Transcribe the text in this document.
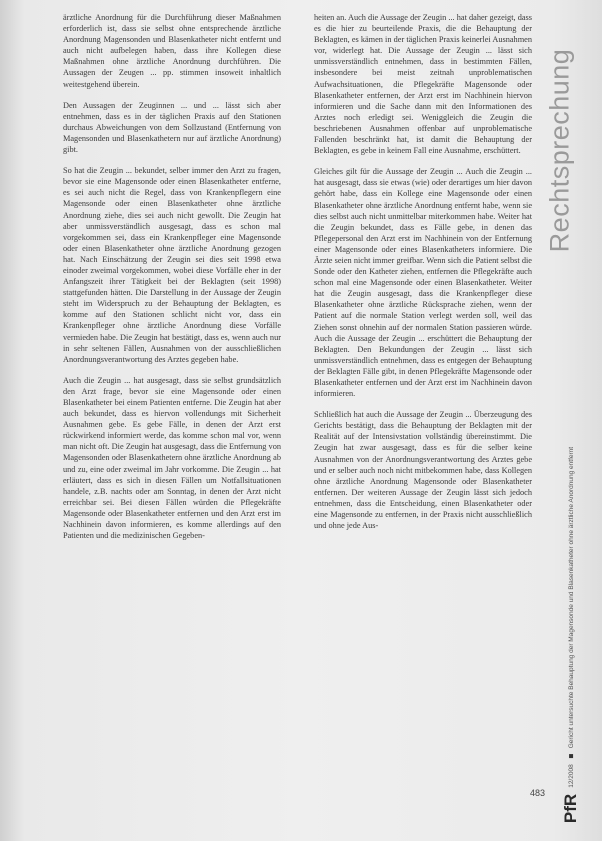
ärztliche Anordnung für die Durchführung dieser Maßnahmen erforderlich ist, dass sie selbst ohne entsprechende ärztliche Anordnung Magensonden und Blasenkatheter nicht entfernt und auch nicht aufbelegen haben, dass ihre Kollegen diese Maßnahmen ohne ärztliche Anordnung durchführen. Die Aussagen der Zeugen ... pp. stimmen insoweit inhaltlich weitestgehend überein.

Den Aussagen der Zeuginnen ... und ... lässt sich aber entnehmen, dass es in der täglichen Praxis auf den Stationen durchaus Abweichungen von dem Sollzustand (Entfernung von Magensonden und Blasenkathetern nur auf ärztliche Anordnung) gibt.

So hat die Zeugin ... bekundet, selber immer den Arzt zu fragen, bevor sie eine Magensonde oder einen Blasenkatheter entferne, es sei auch nicht die Regel, dass von Krankenpflegern eine Magensonde oder einen Blasenkatheter ohne ärztliche Anordnung ziehe, dies sei auch nicht gewollt. Die Zeugin hat aber unmissverständlich ausgesagt, dass es schon mal vorgekommen sei, dass ein Krankenpfleger eine Magensonde oder einen Blasenkatheter ohne ärztliche Anordnung gezogen hat. Nach Einschätzung der Zeugin sei dies seit 1998 etwa einoder zweimal vorgekommen, wobei diese Vorfälle eher in der Anfangszeit ihrer Tätigkeit bei der Beklagten (seit 1998) stattgefunden hätten. Die Darstellung in der Aussage der Zeugin steht im Widerspruch zu der Behauptung der Beklagten, es komme auf den Stationen schlicht nicht vor, dass ein Krankenpfleger ohne ärztliche Anordnung diese Vorfälle vermieden habe. Die Zeugin hat bestätigt, dass es, wenn auch nur in sehr seltenen Fällen, Ausnahmen von der ausschließlichen Anordnungsverantwortung des Arztes gegeben habe.

Auch die Zeugin ... hat ausgesagt, dass sie selbst grundsätzlich den Arzt frage, bevor sie eine Magensonde oder einen Blasenkatheter bei einem Patienten entferne. Die Zeugin hat aber auch bekundet, dass es hiervon vollendungs mit Sicherheit Ausnahmen gebe. Es gebe Fälle, in denen der Arzt erst rückwirkend informiert werde, das komme schon mal vor, wenn man nicht oft. Die Zeugin hat ausgesagt, dass die Entfernung von Magensonden oder Blasenkathetern ohne ärztliche Anordnung ab und zu, eine oder zweimal im Jahr vorkomme. Die Zeugin ... hat erläutert, dass es sich in diesen Fällen um Notfallsituationen handele, z.B. nachts oder am Sonntag, in denen der Arzt nicht erreichbar sei. Bei diesen Fällen würden die Pflegekräfte Magensonde oder Blasenkatheter entfernen und den Arzt erst im Nachhinein davon informieren, es komme allerdings auf den Patienten und die medizinischen Gegeben-

heiten an. Auch die Aussage der Zeugin ... hat daher gezeigt, dass es die hier zu beurteilende Praxis, die die Behauptung der Beklagten, es kämen in der täglichen Praxis keinerlei Ausnahmen vor, widerlegt hat. Die Aussage der Zeugin ... lässt sich unmissverständlich entnehmen, dass in bestimmten Fällen, insbesondere bei meist zeitnah unproblematischen Aufwachsituationen, die Pflegekräfte Magensonde oder Blasenkatheter entfernen, der Arzt erst im Nachhinein hiervon informieren und die Sache dann mit den Informationen des Arztes noch erledigt sei. Weniggleich die Zeugin die beschriebenen Ausnahmen offenbar auf unproblematische Fallenden beschränkt hat, ist damit die Behauptung der Beklagten, es gebe in keinem Fall eine Ausnahme, erschüttert.

Gleiches gilt für die Aussage der Zeugin ... Auch die Zeugin ... hat ausgesagt, dass sie etwas (wie) oder derartiges um hier davon gehört habe, dass ein Kollege eine Magensonde oder einen Blasenkatheter ohne ärztliche Anordnung entfernt habe, wenn sie dies selbst auch nicht unmittelbar miterkommen habe. Weiter hat die Zeugin bekundet, dass es Fälle gebe, in denen das Pflegepersonal den Arzt erst im Nachhinein von der Entfernung einer Magensonde oder eines Blasenkatheters informiere. Die Ärzte seien nicht immer greifbar. Wenn sich die Patient selbst die Sonde oder den Katheter ziehen, entfernen die Pflegekräfte auch schon mal eine Magensonde oder einen Blasenkatheter. Weiter hat die Zeugin ausgesagt, dass die Krankenpfleger diese Blasenkatheter ohne ärztliche Rücksprache ziehen, wenn der Patient auf die normale Station verlegt werden soll, weil das Ziehen sonst ohnehin auf der normalen Station passieren würde. Auch die Aussage der Zeugin ... erschüttert die Behauptung der Beklagten. Den Bekundungen der Zeugin ... lässt sich unmissverständlich entnehmen, dass es entgegen der Behauptung der Beklagten Fälle gibt, in denen Pflegekräfte Magensonde oder Blasenkatheter entfernen und der Arzt erst im Nachhinein davon informieren.

Schließlich hat auch die Aussage der Zeugin ... Überzeugung des Gerichts bestätigt, dass die Behauptung der Beklagten mit der Realität auf der Intensivstation vollständig übereinstimmt. Die Zeugin hat zwar ausgesagt, dass es für die selber keine Ausnahmen von der Anordnungsverantwortung des Arztes gebe und er selber auch noch nicht mitbekommen habe, dass Kollegen ohne ärztliche Anordnung Magensonde oder Blasenkatheter entfernen. Der weiteren Aussage der Zeugin lässt sich jedoch entnehmen, dass die Entscheidung, einen Blasenkatheter oder eine Magensonde zu entfernen, in der Praxis nicht ausschließlich und ohne jede Aus-

Rechtsprechung
PfR
12/2008
Gericht untersuchte Behauptung der Magensonde und Blasenkatheter ohne ärztliche Anordnung entfernt
483
